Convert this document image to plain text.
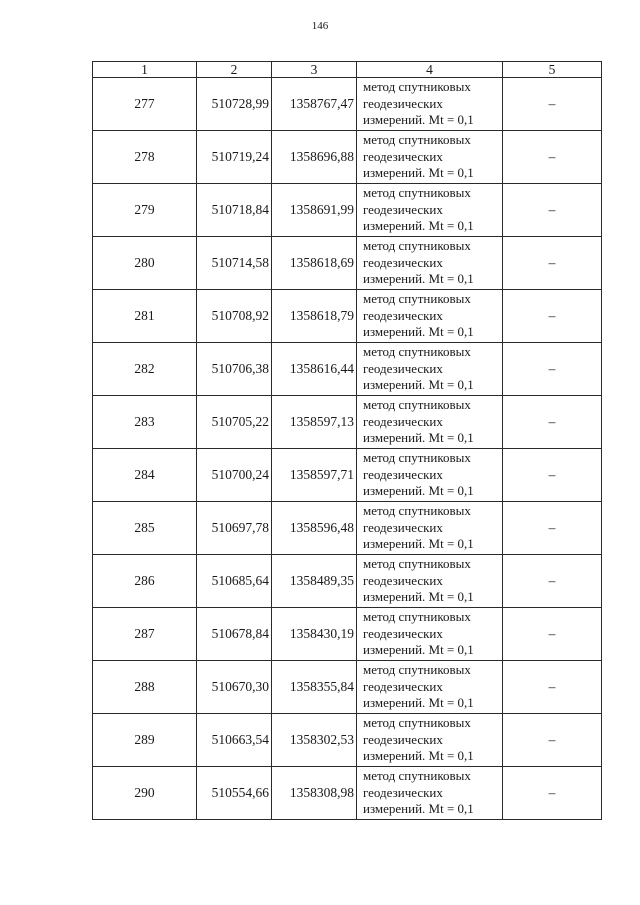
146
1	2	3	4	5
277	510728,99	1358767,47	метод спутниковых геодезических измерений. Mt = 0,1	–
278	510719,24	1358696,88	метод спутниковых геодезических измерений. Mt = 0,1	–
279	510718,84	1358691,99	метод спутниковых геодезических измерений. Mt = 0,1	–
280	510714,58	1358618,69	метод спутниковых геодезических измерений. Mt = 0,1	–
281	510708,92	1358618,79	метод спутниковых геодезических измерений. Mt = 0,1	–
282	510706,38	1358616,44	метод спутниковых геодезических измерений. Mt = 0,1	–
283	510705,22	1358597,13	метод спутниковых геодезических измерений. Mt = 0,1	–
284	510700,24	1358597,71	метод спутниковых геодезических измерений. Mt = 0,1	–
285	510697,78	1358596,48	метод спутниковых геодезических измерений. Mt = 0,1	–
286	510685,64	1358489,35	метод спутниковых геодезических измерений. Mt = 0,1	–
287	510678,84	1358430,19	метод спутниковых геодезических измерений. Mt = 0,1	–
288	510670,30	1358355,84	метод спутниковых геодезических измерений. Mt = 0,1	–
289	510663,54	1358302,53	метод спутниковых геодезических измерений. Mt = 0,1	–
290	510554,66	1358308,98	метод спутниковых геодезических измерений. Mt = 0,1	–
